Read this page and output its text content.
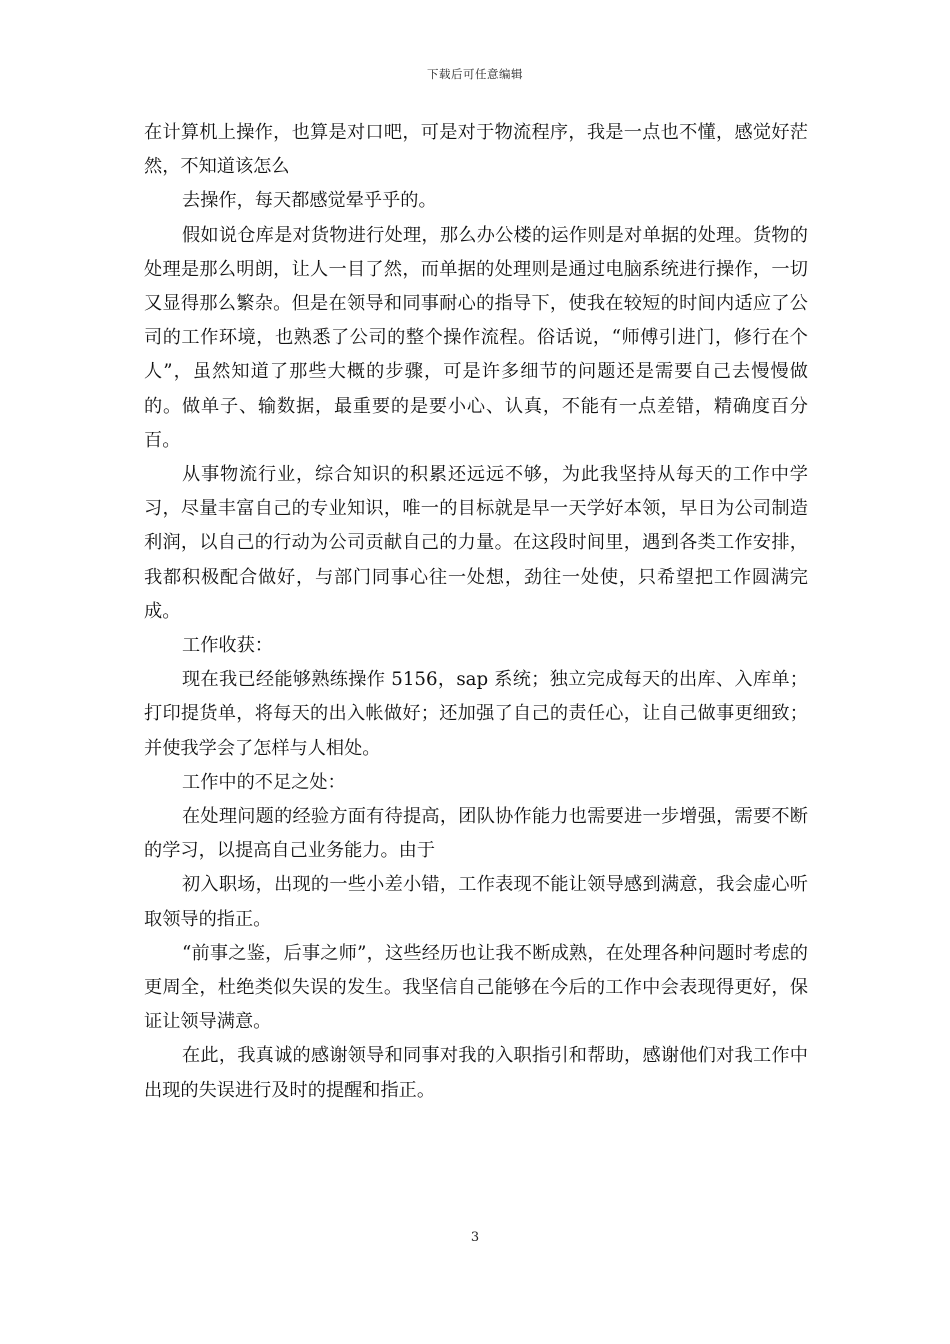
下载后可任意编辑

在计算机上操作，也算是对口吧，可是对于物流程序，我是一点也不懂，感觉好茫然，不知道该怎么

去操作，每天都感觉晕乎乎的。

假如说仓库是对货物进行处理，那么办公楼的运作则是对单据的处理。货物的处理是那么明朗，让人一目了然，而单据的处理则是通过电脑系统进行操作，一切又显得那么繁杂。但是在领导和同事耐心的指导下，使我在较短的时间内适应了公司的工作环境，也熟悉了公司的整个操作流程。俗话说，“师傅引进门，修行在个人”，虽然知道了那些大概的步骤，可是许多细节的问题还是需要自己去慢慢做的。做单子、输数据，最重要的是要小心、认真，不能有一点差错，精确度百分百。

从事物流行业，综合知识的积累还远远不够，为此我坚持从每天的工作中学习，尽量丰富自己的专业知识，唯一的目标就是早一天学好本领，早日为公司制造利润，以自己的行动为公司贡献自己的力量。在这段时间里，遇到各类工作安排，我都积极配合做好，与部门同事心往一处想，劲往一处使，只希望把工作圆满完成。

工作收获：

现在我已经能够熟练操作 5156，sap 系统；独立完成每天的出库、入库单；打印提货单，将每天的出入帐做好；还加强了自己的责任心，让自己做事更细致；并使我学会了怎样与人相处。

工作中的不足之处：

在处理问题的经验方面有待提高，团队协作能力也需要进一步增强，需要不断的学习，以提高自己业务能力。由于

初入职场，出现的一些小差小错，工作表现不能让领导感到满意，我会虚心听取领导的指正。

“前事之鉴，后事之师”，这些经历也让我不断成熟，在处理各种问题时考虑的更周全，杜绝类似失误的发生。我坚信自己能够在今后的工作中会表现得更好，保证让领导满意。

在此，我真诚的感谢领导和同事对我的入职指引和帮助，感谢他们对我工作中出现的失误进行及时的提醒和指正。

3
